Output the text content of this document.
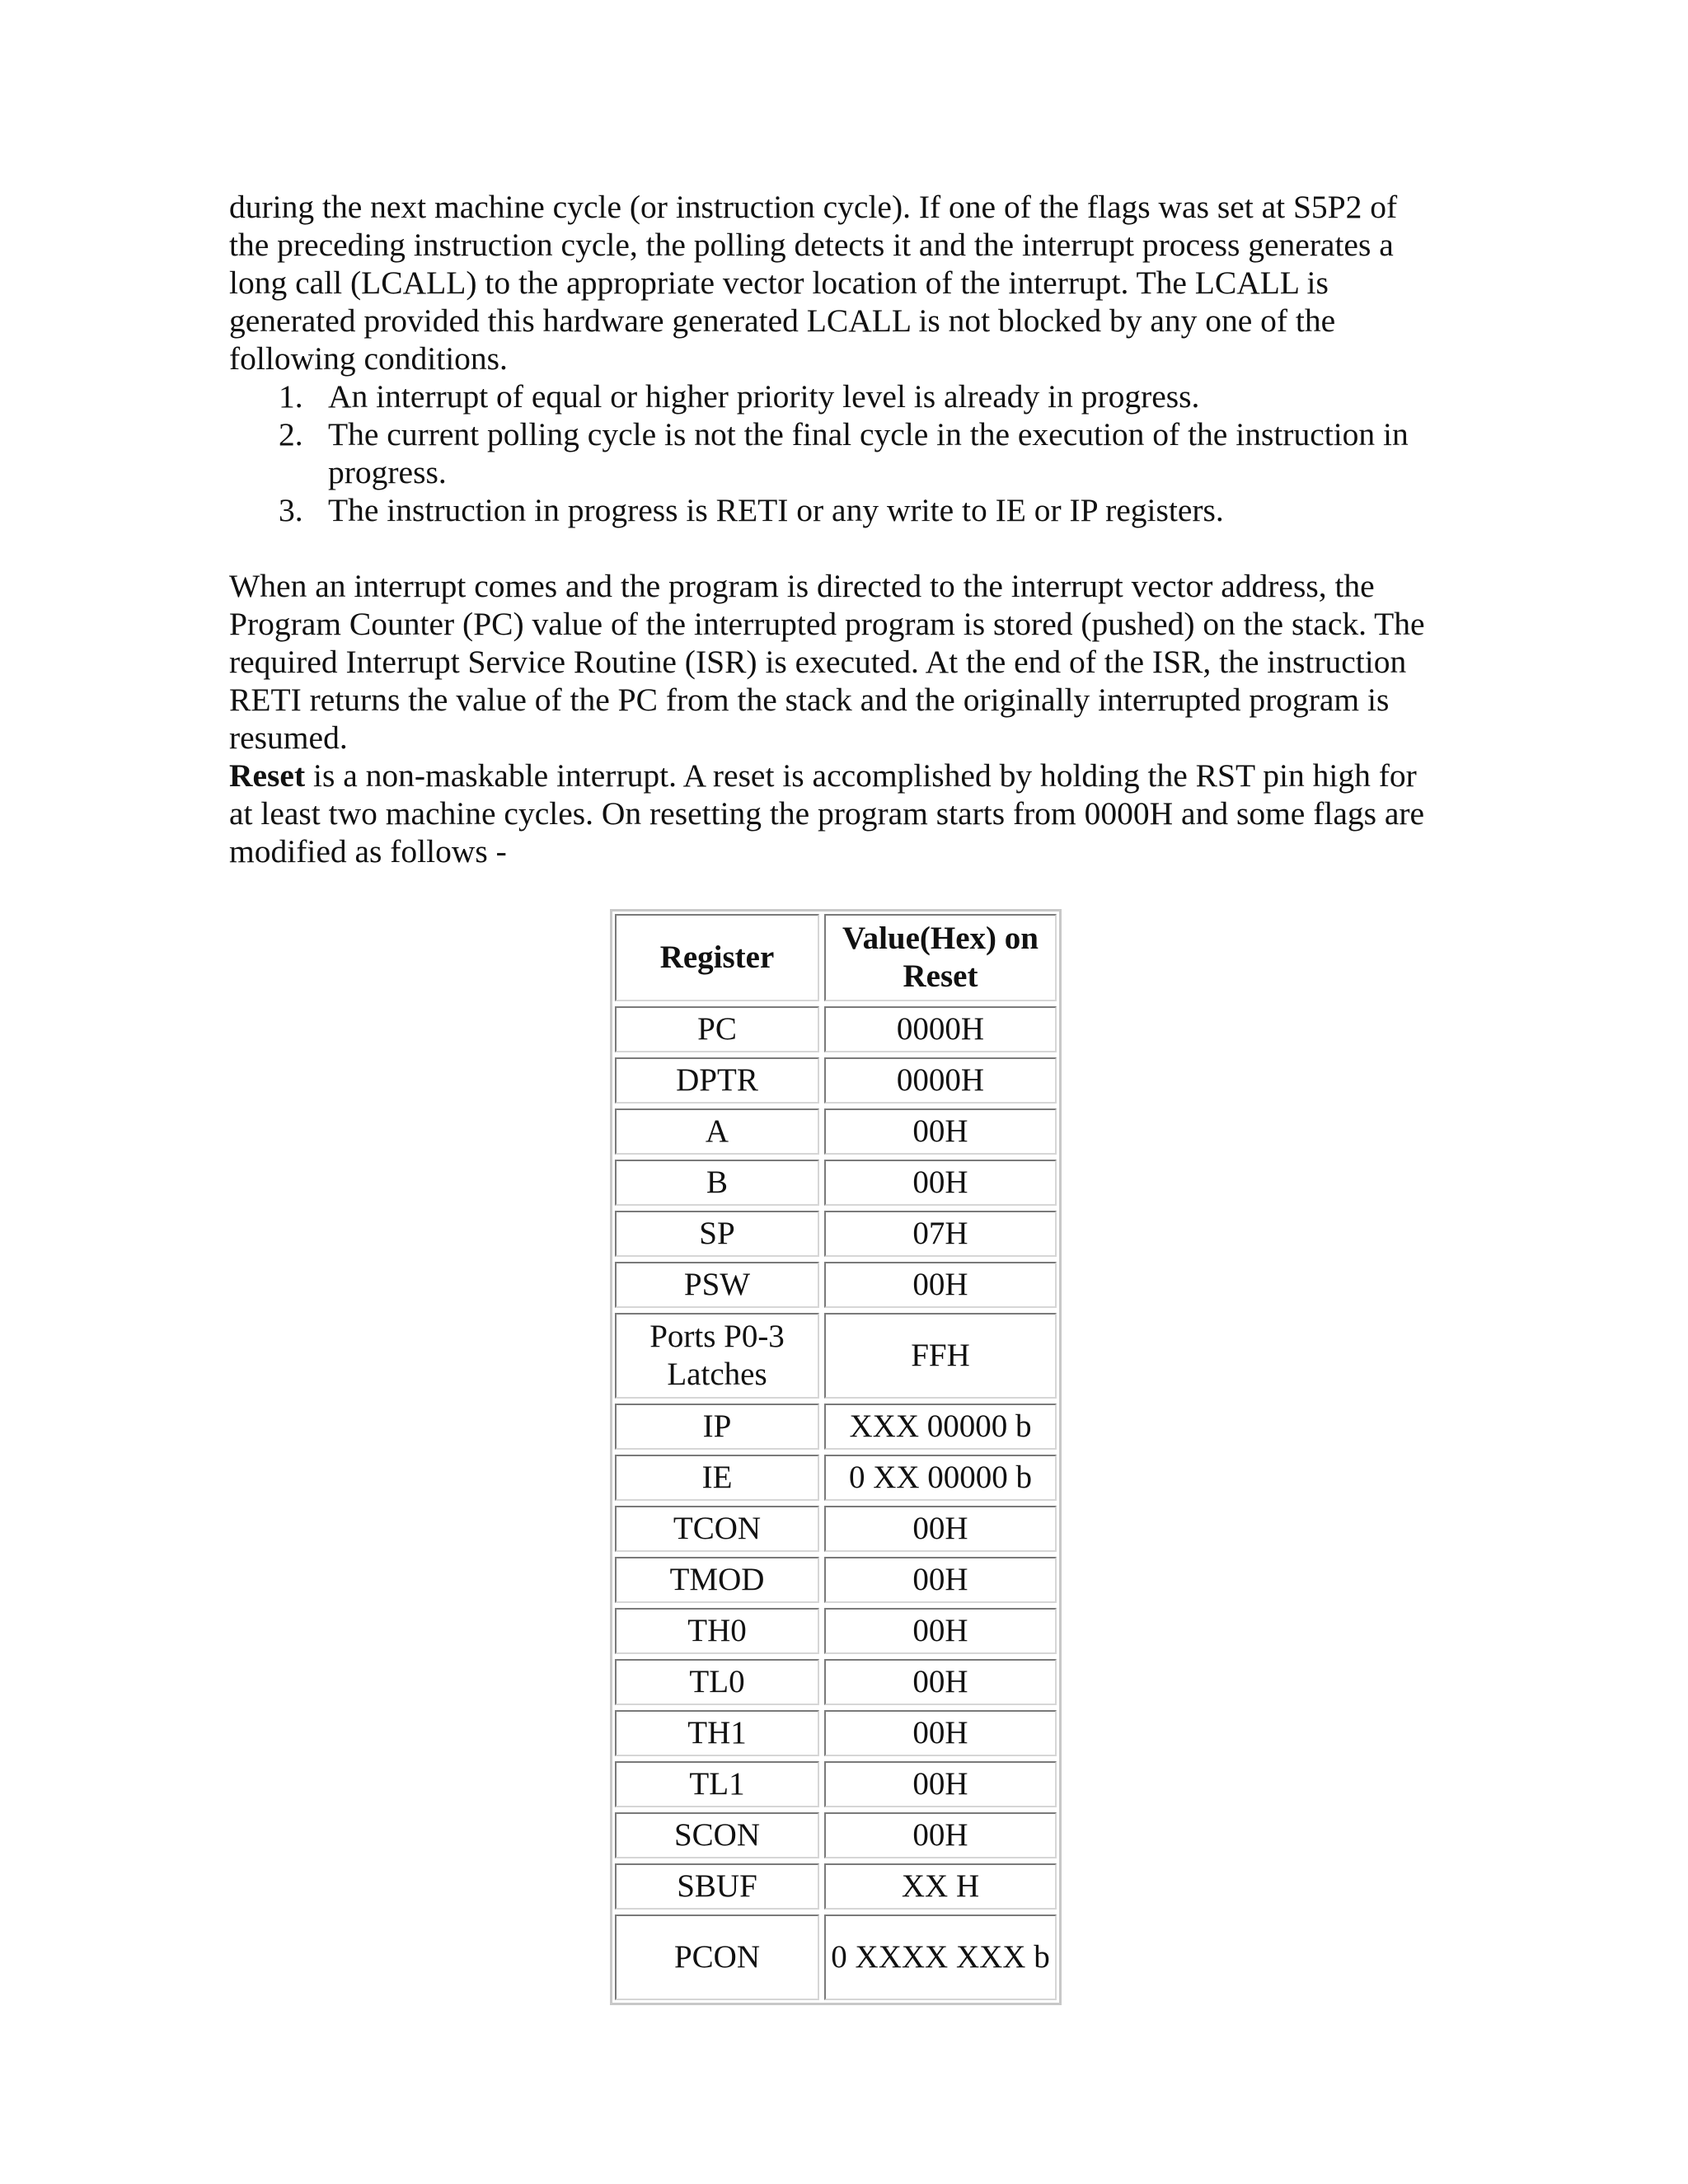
during the next machine cycle (or instruction cycle). If one of the flags was set at S5P2 of
the preceding instruction cycle, the polling detects it and the interrupt process generates a
long call (LCALL) to the appropriate vector location of the interrupt. The LCALL is
generated provided this hardware generated LCALL is not blocked by any one of the
following conditions.
1. An interrupt of equal or higher priority level is already in progress.
2. The current polling cycle is not the final cycle in the execution of the instruction in progress.
3. The instruction in progress is RETI or any write to IE or IP registers.
When an interrupt comes and the program is directed to the interrupt vector address, the
Program Counter (PC) value of the interrupted program is stored (pushed) on the stack. The
required Interrupt Service Routine (ISR) is executed. At the end of the ISR, the instruction
RETI returns the value of the PC from the stack and the originally interrupted program is
resumed.
Reset is a non-maskable interrupt. A reset is accomplished by holding the RST pin high for
at least two machine cycles. On resetting the program starts from 0000H and some flags are
modified as follows -
Register	Value(Hex) on Reset
PC	0000H
DPTR	0000H
A	00H
B	00H
SP	07H
PSW	00H
Ports P0-3 Latches	FFH
IP	XXX 00000 b
IE	0 XX 00000 b
TCON	00H
TMOD	00H
TH0	00H
TL0	00H
TH1	00H
TL1	00H
SCON	00H
SBUF	XX H
PCON	0 XXXX XXX b
